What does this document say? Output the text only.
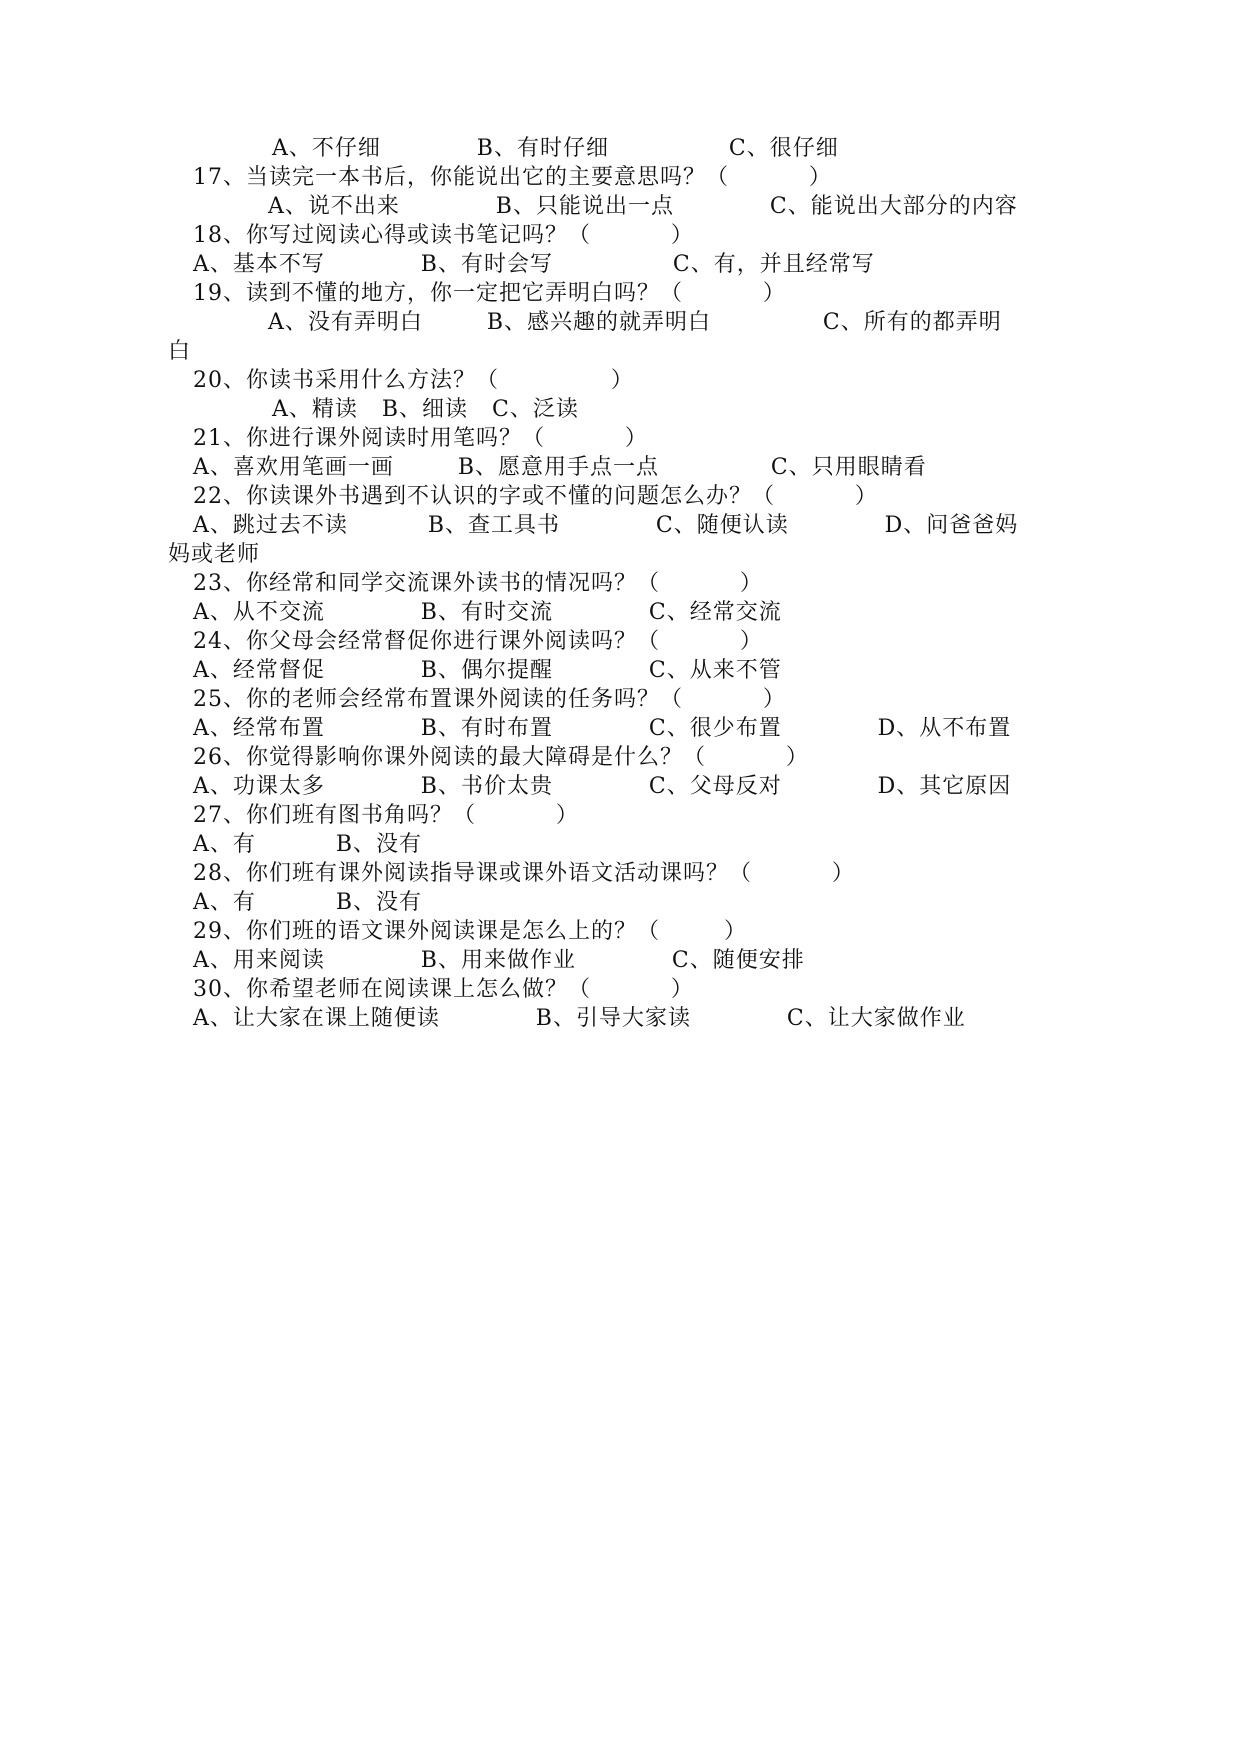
A、不仔细            B、有时仔细               C、很仔细
17、当读完一本书后，你能说出它的主要意思吗？（          ）
A、说不出来            B、只能说出一点            C、能说出大部分的内容
18、你写过阅读心得或读书笔记吗？（          ）
A、基本不写            B、有时会写               C、有，并且经常写
19、读到不懂的地方，你一定把它弄明白吗？（          ）
A、没有弄明白        B、感兴趣的就弄明白              C、所有的都弄明
白
20、你读书采用什么方法？（              ）
A、精读   B、细读   C、泛读
21、你进行课外阅读时用笔吗？（          ）
A、喜欢用笔画一画        B、愿意用手点一点              C、只用眼睛看
22、你读课外书遇到不认识的字或不懂的问题怎么办？（          ）
A、跳过去不读          B、查工具书            C、随便认读            D、问爸爸妈
妈或老师
23、你经常和同学交流课外读书的情况吗？（          ）
A、从不交流            B、有时交流            C、经常交流
24、你父母会经常督促你进行课外阅读吗？（          ）
A、经常督促            B、偶尔提醒            C、从来不管
25、你的老师会经常布置课外阅读的任务吗？（          ）
A、经常布置            B、有时布置            C、很少布置            D、从不布置
26、你觉得影响你课外阅读的最大障碍是什么？（          ）
A、功课太多            B、书价太贵            C、父母反对            D、其它原因
27、你们班有图书角吗？（          ）
A、有          B、没有
28、你们班有课外阅读指导课或课外语文活动课吗？（          ）
A、有          B、没有
29、你们班的语文课外阅读课是怎么上的？（        ）
A、用来阅读            B、用来做作业            C、随便安排
30、你希望老师在阅读课上怎么做？（          ）
A、让大家在课上随便读            B、引导大家读            C、让大家做作业
